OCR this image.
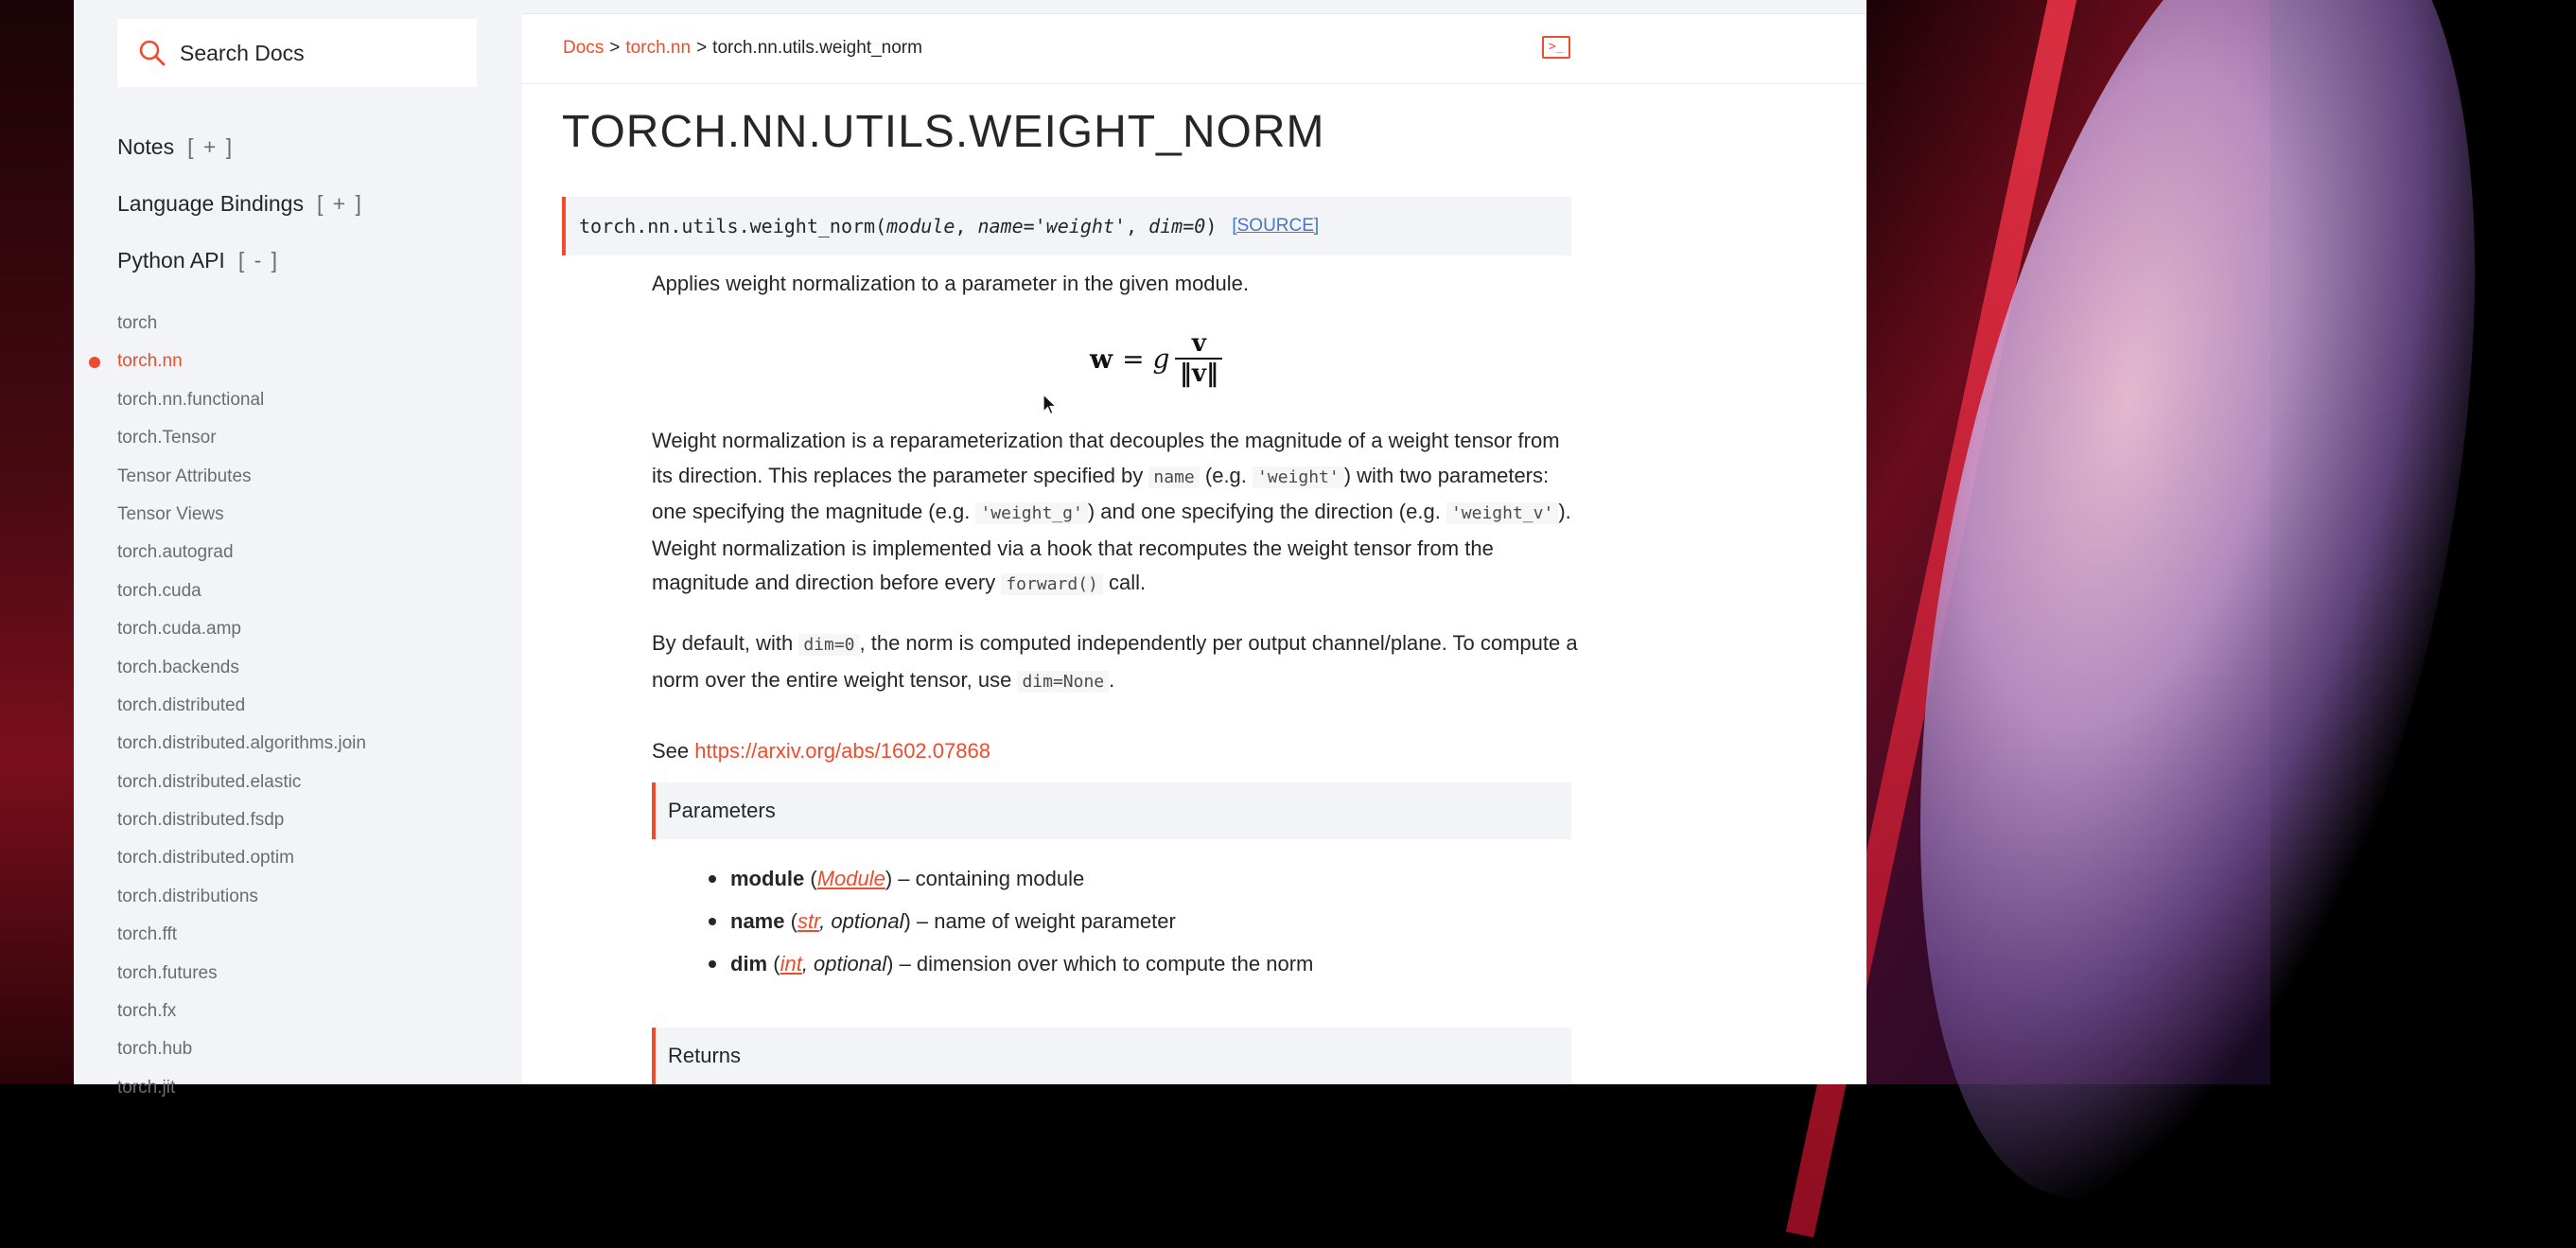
Search Docs
Notes [ + ]
Language Bindings [ + ]
Python API [ - ]
torch
torch.nn
torch.nn.functional
torch.Tensor
Tensor Attributes
Tensor Views
torch.autograd
torch.cuda
torch.cuda.amp
torch.backends
torch.distributed
torch.distributed.algorithms.join
torch.distributed.elastic
torch.distributed.fsdp
torch.distributed.optim
torch.distributions
torch.fft
torch.futures
torch.fx
torch.hub
torch.jit
Docs > torch.nn > torch.nn.utils.weight_norm	>_
TORCH.NN.UTILS.WEIGHT_NORM
torch.nn.utils.weight_norm( module , name='weight' , dim=0 ) [SOURCE]

Applies weight normalization to a parameter in the given module.

w = g $\frac{v}{‖v‖}$

Weight normalization is a reparameterization that decouples the magnitude of a weight tensor from its direction. This replaces the parameter specified by name (e.g. 'weight' ) with two parameters: one specifying the magnitude (e.g. 'weight_g' ) and one specifying the direction (e.g. 'weight_v' ). Weight normalization is implemented via a hook that recomputes the weight tensor from the magnitude and direction before every forward() call.

By default, with dim=0 , the norm is computed independently per output channel/plane. To compute a norm over the entire weight tensor, use dim=None .

See https://arxiv.org/abs/1602.07868

Parameters
module (Module) – containing module
name (str, optional) – name of weight parameter
dim (int, optional) – dimension over which to compute the norm
Returns
